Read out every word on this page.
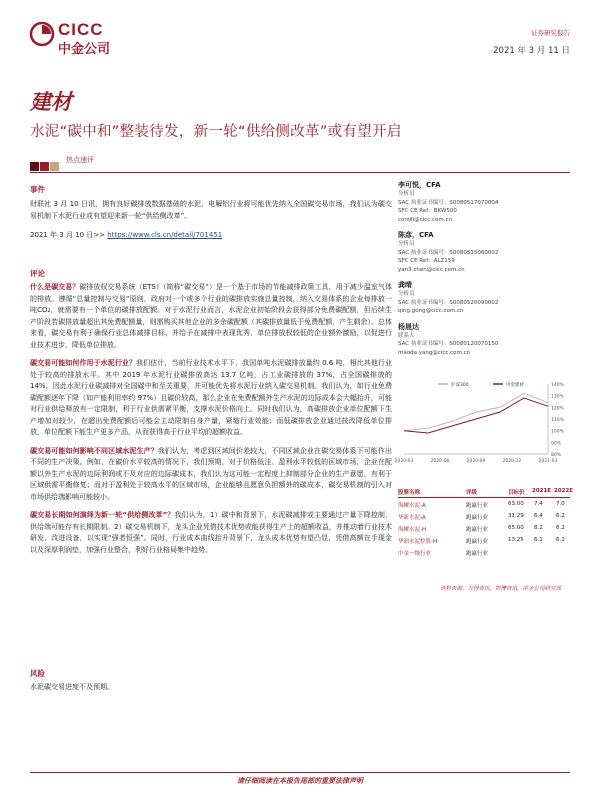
CICC
中金公司
证券研究报告
2021 年 3 月 11 日
建材
水泥“碳中和”整装待发，新一轮“供给侧改革”或有望开启
热点速评
事件
财联社 3 月 10 日讯，拥有良好碳排放数据基础的水泥、电解铝行业将可能优先纳入全国碳交易市场，我们认为碳交易机制下水泥行业或有望迎来新一轮“供给侧改革”。
2021 年 3 月 10 日>> https://www.cls.cn/detail/701451
评论
什么是碳交易？碳排放权交易系统（ETS）（简称“碳交易”）是一个基于市场的节能减排政策工具，用于减少温室气体的排放。遵循“总量控制与交易”原则，政府对一个或多个行业的碳排放实施总量控制，纳入交易体系的企业每排放一吨CO₂，就需要有一个单位的碳排放配额。对于水泥行业而言，水泥企业初始阶段会获得部分免费碳配额，但后续生产阶段若碳排放量超出其免费配额量，则需购买其他企业的多余碳配额（其碳排放量低于免费配额，产生剩余）。总体来看，碳交易有利于确保行业总体减排目标，并给予在减排中表现优秀、单位排放权较低的企业额外激励，以促进行业技术进步、降低单位排放。
碳交易可能如何作用于水泥行业？我们估计，当前行业技术水平下，我国单吨水泥碳排放量约 0.6 吨，相比其他行业处于较高的排放水平。其中 2019 年水泥行业碳排放高达 13.7 亿吨，占工业碳排放的 37%，占全国碳排放的 14%，因此水泥行业碳减排对全国碳中和至关重要，并可能优先将水泥行业纳入碳交易机制。我们认为，如行业免费碳配额逐年下降（如产能利用率约 97%）且碳价较高，那么企业在免费配额外生产水泥的边际成本会大幅抬升，可能对行业供给释放有一定限制，利于行业供需紧平衡，支撑水泥价格向上。同时我们认为，高碳排放企业单位配额下生产增加对较少，在超出免费配额后可能会主动限制自身产量，紧缩行业效能；而低碳排放企业通过技改降低单位排放，单位配额下能生产更多产品，从而获得高于行业平均的超额收益。
碳交易可能如何影响不同区域水泥生产？我们认为，考虑到区域间价差较大，不同区域企业在碳交易体系下可能作出不同的生产决策。例如，在碳价水平较高的情况下，我们预期，对于价格低洼、盈利水平较低的区域市场，企业在配额以外生产水泥的边际利润或不及对应的边际碳成本，我们认为这可能一定程度上抑制部分企业的生产意愿，有利于区域供需平衡修复；而对于盈利处于较高水平的区域市场，企业能够且愿意负担额外的碳成本，碳交易机制的引入对市场供给端影响可能较小。
碳交易长期如何演绎为新一轮“供给侧改革”？我们认为，1）碳中和背景下，水泥碳减排或主要通过产量下降控制，供给端可能存有长期限制。2）碳交易机制下，龙头企业凭借技术优势或能获得生产上的超额收益，并推动着行业技术研发、改进设备，以实现“强者恒强”。同时，行业成本曲线抬升背景下，龙头成本优势有望凸显，凭借高额在手现金以及深厚利润垫，加强行业整合，利好行业格局集中趋势。
风险
水泥碳交易进度不及预期。
李可悦，CFA
分析员
SAC 执业证书编号：S0080517070004
SFC CE Ref：BKW500
corsili@cicc.com.cn
陈彦，CFA
分析员
SAC 执业证书编号：S0080515060002
SFC CE Ref：ALZ159
yan3.chen@cicc.com.cn
龚晴
分析员
SAC 执业证书编号：S0080520090002
qing.gong@cicc.com.cn
杨晟达
联系人
SAC 执业证书编号：S0080120070150
maoda.yang@cicc.com.cn
140%
130%
120%
110%
100%
90%
80%
2020-03	2020-06	2020-09	2020-12	2021-03
沪深300	中金建材
股票名称	评级	目标价 2021E 2022E
海螺水泥-A	跑赢行业	63.00 7.4 7.0
华新水泥-A	跑赢行业	31.29 6.4 6.2
海螺水泥-H	跑赢行业	65.00 8.2 6.2
华润水泥控股-H	跑赢行业	13.25 6.1 6.1
中金一级行业	跑赢行业
资料来源：万得资讯，彭博资讯，中金公司研究部
请仔细阅读在本报告尾部的重要法律声明
